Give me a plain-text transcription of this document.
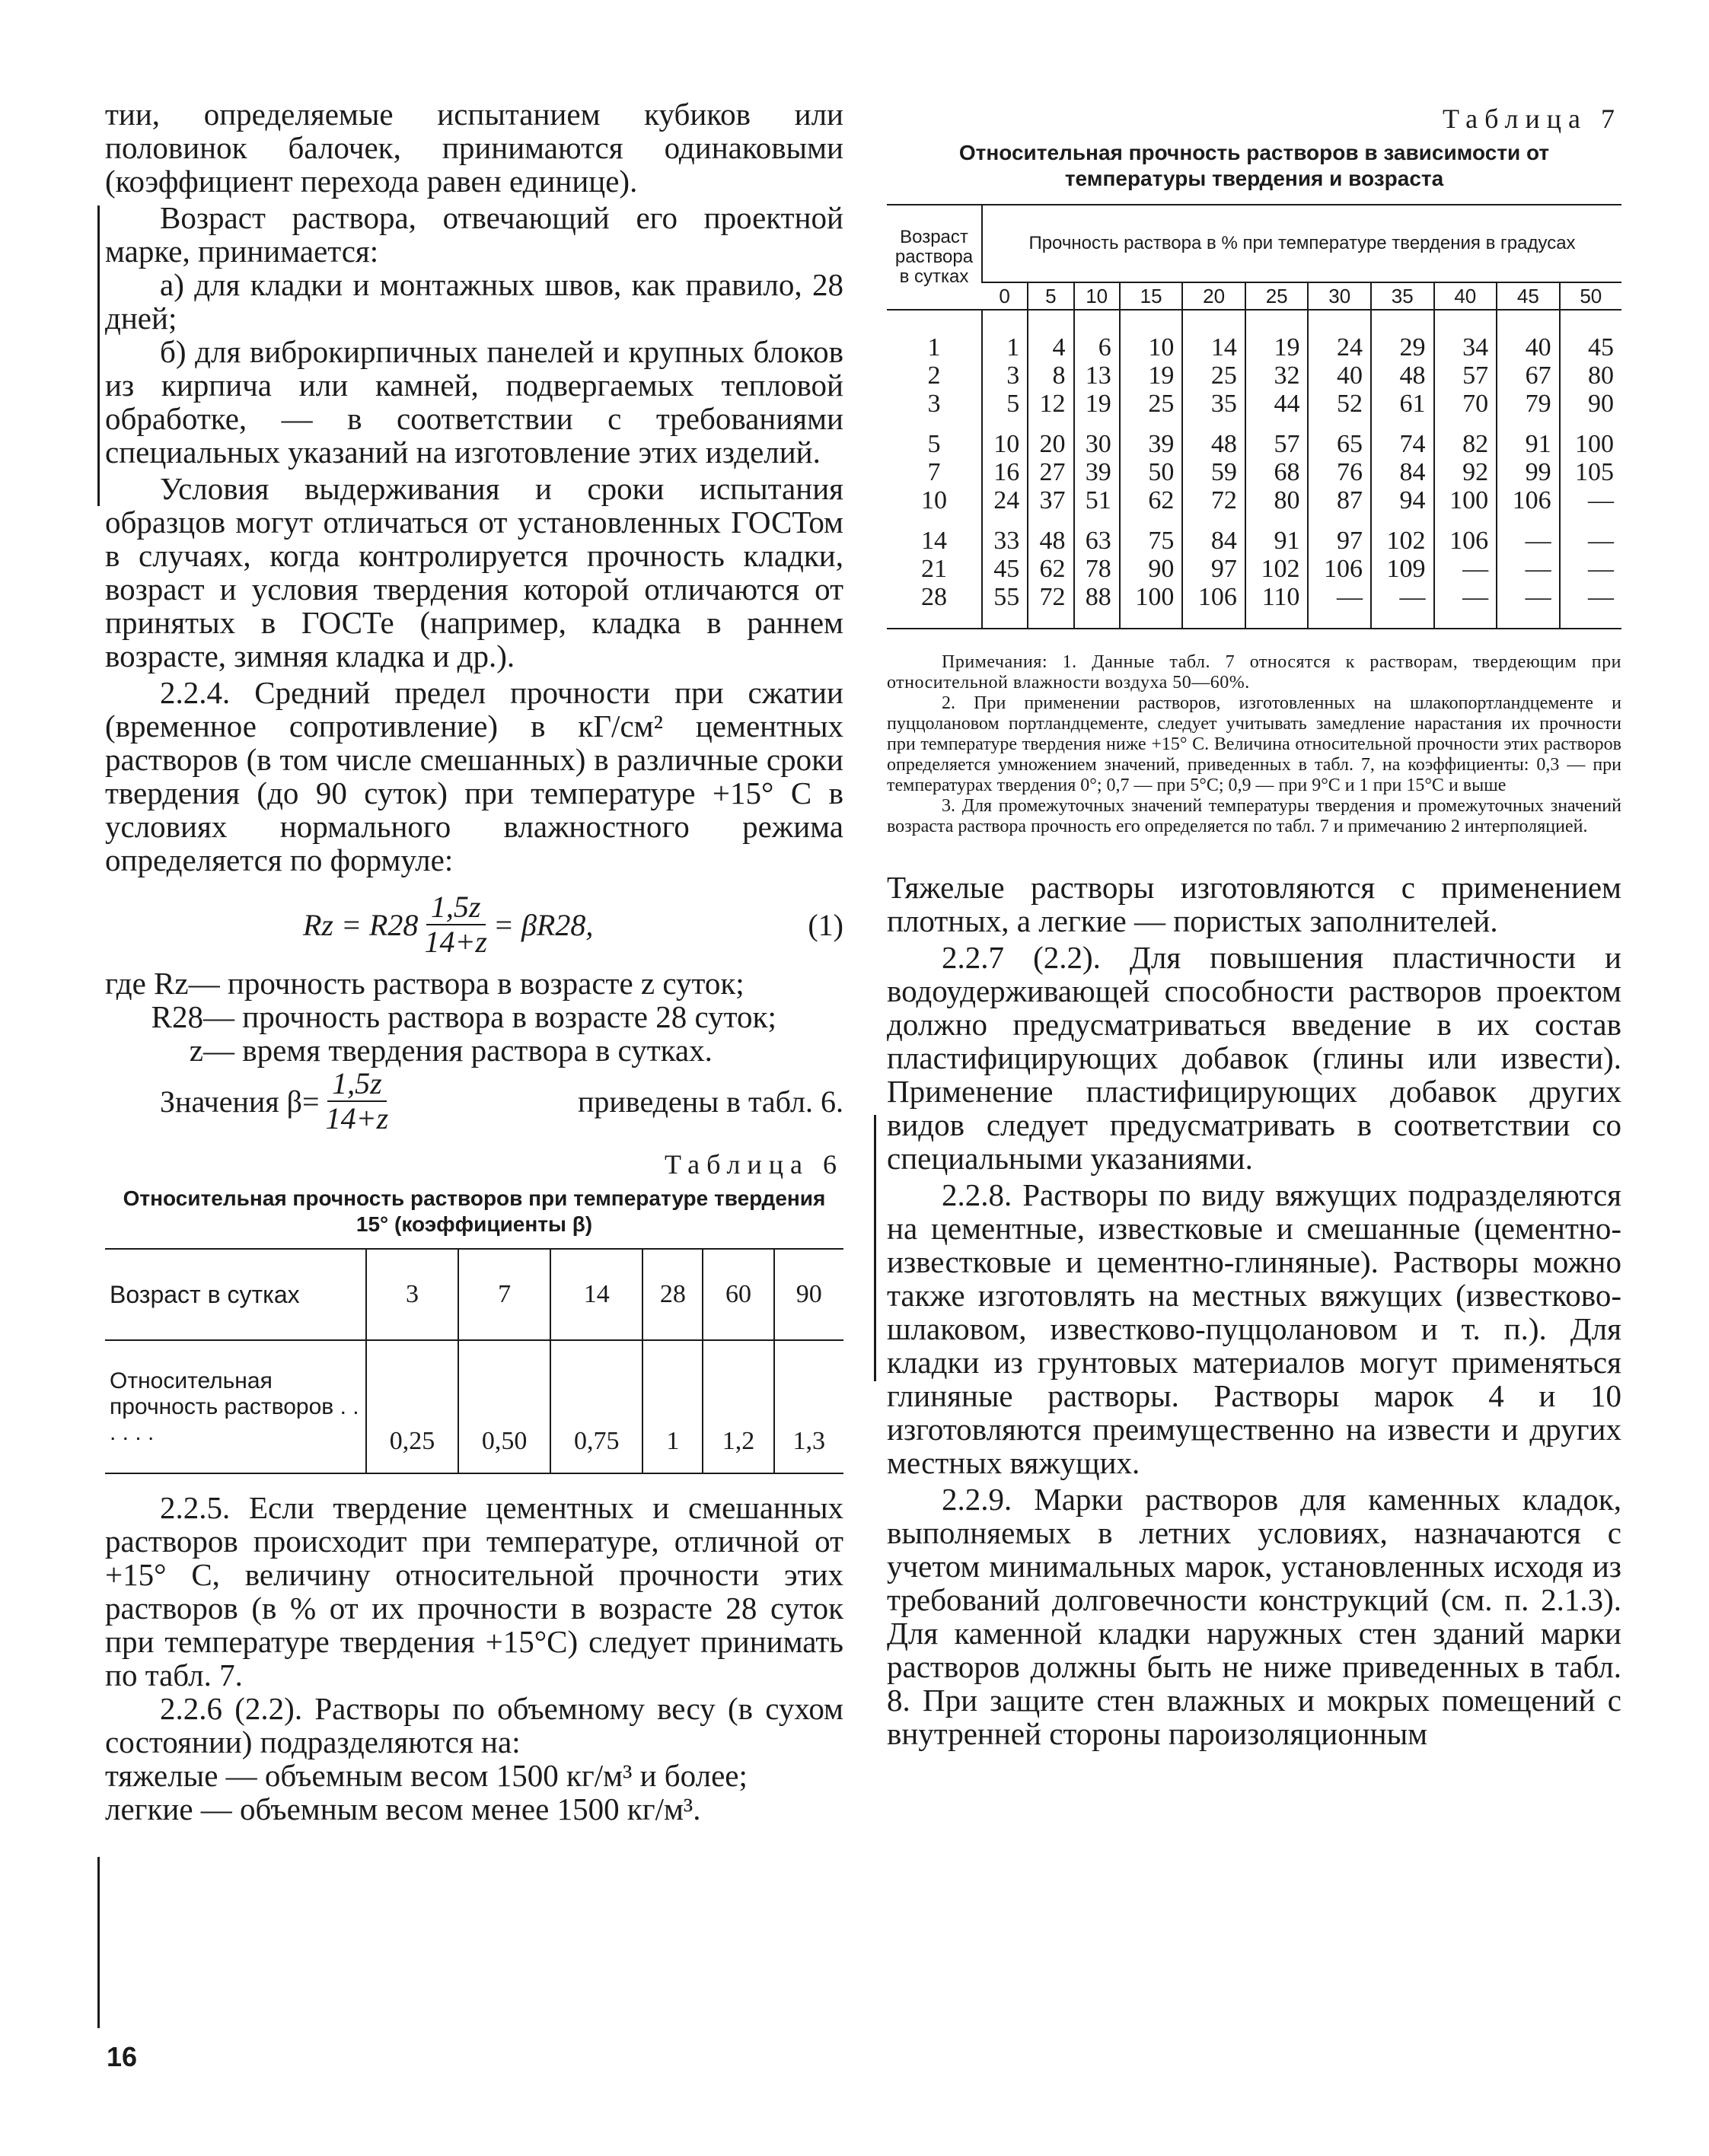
тии, определяемые испытанием кубиков или половинок балочек, принимаются одинаковыми (коэффициент перехода равен единице).

Возраст раствора, отвечающий его проектной марке, принимается:

а) для кладки и монтажных швов, как правило, 28 дней;

б) для виброкирпичных панелей и крупных блоков из кирпича или камней, подвергаемых тепловой обработке, — в соответствии с требованиями специальных указаний на изготовление этих изделий.

Условия выдерживания и сроки испытания образцов могут отличаться от установленных ГОСТом в случаях, когда контролируется прочность кладки, возраст и условия твердения которой отличаются от принятых в ГОСТе (например, кладка в раннем возрасте, зимняя кладка и др.).

2.2.4. Средний предел прочности при сжатии (временное сопротивление) в кГ/см² цементных растворов (в том числе смешанных) в различные сроки твердения (до 90 суток) при температуре +15° С в условиях нормального влажностного режима определяется по формуле:

$Rz = R28 \frac{1,5z}{14+z} = \beta R28$,	(1)

где Rz— прочность раствора в возрасте z суток;

R28— прочность раствора в возрасте 28 суток;

z— время твердения раствора в сутках.

Значения $\beta= \frac{1,5z}{14+z}$	приведены в табл. 6.
Таблица 6
Относительная прочность растворов при температуре твердения 15° (коэффициенты β)
Возраст в сутках	3	7	14	28	60	90
Относительная прочность растворов . . . . . .	0,25	0,50	0,75	1	1,2	1,3

2.2.5. Если твердение цементных и смешанных растворов происходит при температуре, отличной от +15° С, величину относительной прочности этих растворов (в % от их прочности в возрасте 28 суток при температуре твердения +15°С) следует принимать по табл. 7.

2.2.6 (2.2). Растворы по объемному весу (в сухом состоянии) подразделяются на:

тяжелые — объемным весом 1500 кг/м³ и более;

легкие — объемным весом менее 1500 кг/м³.

Таблица 7
Относительная прочность растворов в зависимости от температуры твердения и возраста
Возраст раствора в сутках	Прочность раствора в % при температуре твердения в градусах										
	0	5	10	15	20	25	30	35	40	45	50
1	1	4	6	10	14	19	24	29	34	40	45
2	3	8	13	19	25	32	40	48	57	67	80
3	5	12	19	25	35	44	52	61	70	79	90
5	10	20	30	39	48	57	65	74	82	91	100
7	16	27	39	50	59	68	76	84	92	99	105
10	24	37	51	62	72	80	87	94	100	106	—
14	33	48	63	75	84	91	97	102	106	—	—
21	45	62	78	90	97	102	106	109	—	—	—
28	55	72	88	100	106	110	—	—	—	—	—

Примечания: 1. Данные табл. 7 относятся к растворам, твердеющим при относительной влажности воздуха 50—60%.

2. При применении растворов, изготовленных на шлакопортландцементе и пуццолановом портландцементе, следует учитывать замедление нарастания их прочности при температуре твердения ниже +15° С. Величина относительной прочности этих растворов определяется умножением значений, приведенных в табл. 7, на коэффициенты: 0,3 — при температурах твердения 0°; 0,7 — при 5°С; 0,9 — при 9°С и 1 при 15°С и выше

3. Для промежуточных значений температуры твердения и промежуточных значений возраста раствора прочность его определяется по табл. 7 и примечанию 2 интерполяцией.

Тяжелые растворы изготовляются с применением плотных, а легкие — пористых заполнителей.

2.2.7 (2.2). Для повышения пластичности и водоудерживающей способности растворов проектом должно предусматриваться введение в их состав пластифицирующих добавок (глины или извести). Применение пластифицирующих добавок других видов следует предусматривать в соответствии со специальными указаниями.

2.2.8. Растворы по виду вяжущих подразделяются на цементные, известковые и смешанные (цементно-известковые и цементно-глиняные). Растворы можно также изготовлять на местных вяжущих (известково-шлаковом, известково-пуццолановом и т. п.). Для кладки из грунтовых материалов могут применяться глиняные растворы. Растворы марок 4 и 10 изготовляются преимущественно на извести и других местных вяжущих.

2.2.9. Марки растворов для каменных кладок, выполняемых в летних условиях, назначаются с учетом минимальных марок, установленных исходя из требований долговечности конструкций (см. п. 2.1.3). Для каменной кладки наружных стен зданий марки растворов должны быть не ниже приведенных в табл. 8. При защите стен влажных и мокрых помещений с внутренней стороны пароизоляционным

16
